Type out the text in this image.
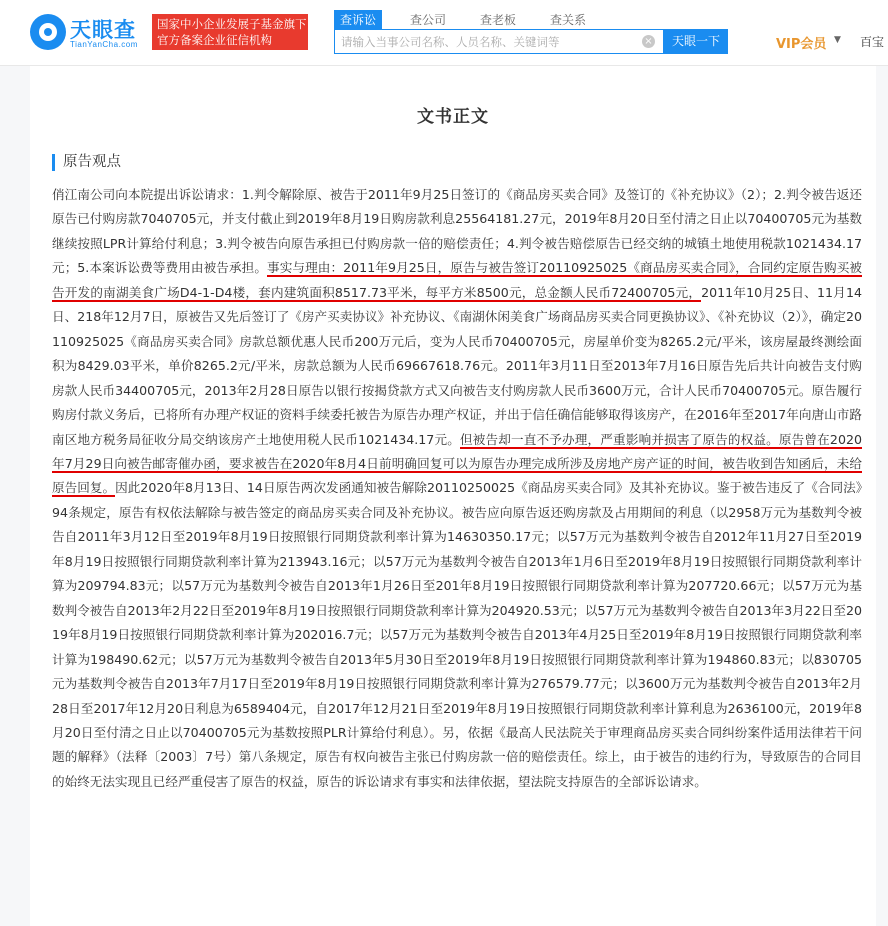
天眼查
TianYanCha.com
国家中小企业发展子基金旗下
官方备案企业征信机构
查诉讼	查公司	查老板	查关系
请输入当事公司名称、人员名称、关键词等
×	天眼一下	VIP会员 ▼ 百宝
文书正文
原告观点
俏江南公司向本院提出诉讼请求：1.判令解除原、被告于2011年9月25日签订的《商品房买卖合同》及签订的《补充协议》（2）；2.判令被告返还原告已付购房款7040705元，并支付截止到2019年8月19日购房款利息25564181.27元，2019年8月20日至付清之日止以70400705元为基数继续按照LPR计算给付利息；3.判令被告向原告承担已付购房款一倍的赔偿责任；4.判令被告赔偿原告已经交纳的城镇土地使用税款1021434.17元；5.本案诉讼费等费用由被告承担。事实与理由：2011年9月25日，原告与被告签订20110925025《商品房买卖合同》，合同约定原告购买被告开发的南湖美食广场D4-1-D4楼，套内建筑面积8517.73平米，每平方米8500元，总金额人民币72400705元，2011年10月25日、11月14日、218年12月7日，原被告又先后签订了《房产买卖协议》补充协议、《南湖休闲美食广场商品房买卖合同更换协议》、《补充协议（2）》，确定20110925025《商品房买卖合同》房款总额优惠人民币200万元后，变为人民币70400705元，房屋单价变为8265.2元/平米，该房屋最终测绘面积为8429.03平米，单价8265.2元/平米，房款总额为人民币69667618.76元。2011年3月11日至2013年7月16日原告先后共计向被告支付购房款人民币34400705元，2013年2月28日原告以银行按揭贷款方式又向被告支付购房款人民币3600万元，合计人民币70400705元。原告履行购房付款义务后，已将所有办理产权证的资料手续委托被告为原告办理产权证，并出于信任确信能够取得该房产，在2016年至2017年向唐山市路南区地方税务局征收分局交纳该房产土地使用税人民币1021434.17元。但被告却一直不予办理，严重影响并损害了原告的权益。原告曾在2020年7月29日向被告邮寄催办函，要求被告在2020年8月4日前明确回复可以为原告办理完成所涉及房地产房产证的时间，被告收到告知函后，未给原告回复。因此2020年8月13日、14日原告两次发函通知被告解除20110250025《商品房买卖合同》及其补充协议。鉴于被告违反了《合同法》94条规定，原告有权依法解除与被告签定的商品房买卖合同及补充协议。被告应向原告返还购房款及占用期间的利息（以2958万元为基数判令被告自2011年3月12日至2019年8月19日按照银行同期贷款利率计算为14630350.17元；以57万元为基数判令被告自2012年11月27日至2019年8月19日按照银行同期贷款利率计算为213943.16元；以57万元为基数判令被告自2013年1月6日至2019年8月19日按照银行同期贷款利率计算为209794.83元；以57万元为基数判令被告自2013年1月26日至201年8月19日按照银行同期贷款利率计算为207720.66元；以57万元为基数判令被告自2013年2月22日至2019年8月19日按照银行同期贷款利率计算为204920.53元；以57万元为基数判令被告自2013年3月22日至2019年8月19日按照银行同期贷款利率计算为202016.7元；以57万元为基数判令被告自2013年4月25日至2019年8月19日按照银行同期贷款利率计算为198490.62元；以57万元为基数判令被告自2013年5月30日至2019年8月19日按照银行同期贷款利率计算为194860.83元；以830705元为基数判令被告自2013年7月17日至2019年8月19日按照银行同期贷款利率计算为276579.77元；以3600万元为基数判令被告自2013年2月28日至2017年12月20日利息为6589404元，自2017年12月21日至2019年8月19日按照银行同期贷款利率计算利息为2636100元，2019年8月20日至付清之日止以70400705元为基数按照PLR计算给付利息）。另，依据《最高人民法院关于审理商品房买卖合同纠纷案件适用法律若干问题的解释》（法释〔2003〕7号）第八条规定，原告有权向被告主张已付购房款一倍的赔偿责任。综上，由于被告的违约行为，导致原告的合同目的始终无法实现且已经严重侵害了原告的权益，原告的诉讼请求有事实和法律依据，望法院支持原告的全部诉讼请求。
